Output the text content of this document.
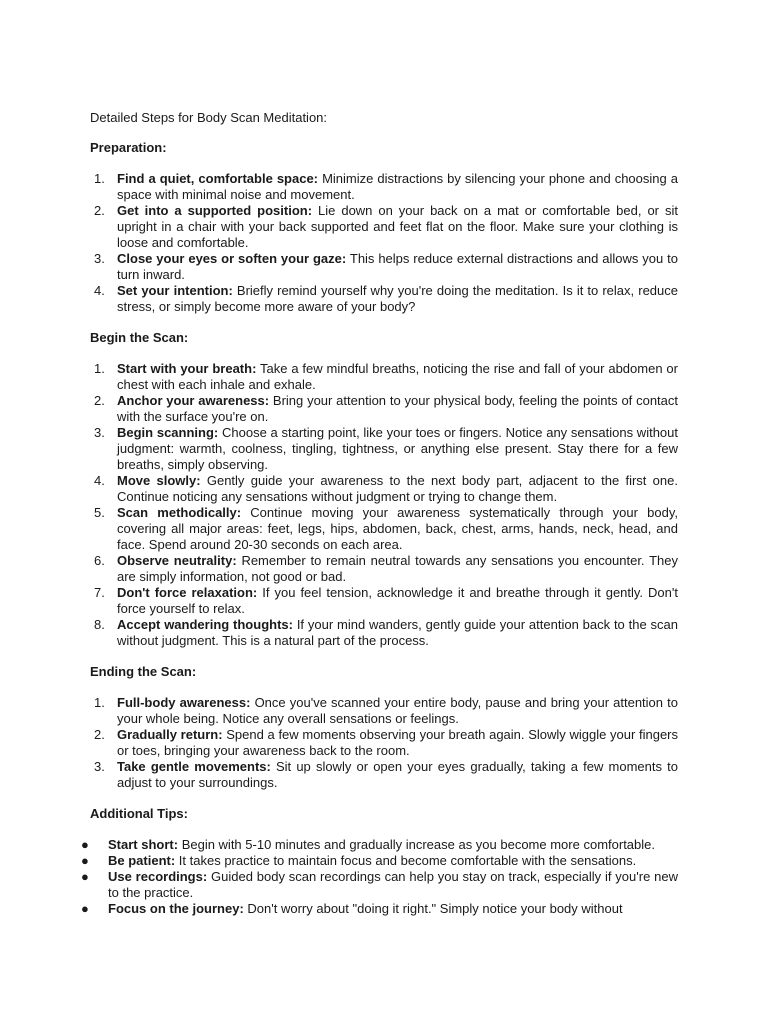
Detailed Steps for Body Scan Meditation:

Preparation:

1. Find a quiet, comfortable space: Minimize distractions by silencing your phone and choosing a space with minimal noise and movement.
2. Get into a supported position: Lie down on your back on a mat or comfortable bed, or sit upright in a chair with your back supported and feet flat on the floor. Make sure your clothing is loose and comfortable.
3. Close your eyes or soften your gaze: This helps reduce external distractions and allows you to turn inward.
4. Set your intention: Briefly remind yourself why you're doing the meditation. Is it to relax, reduce stress, or simply become more aware of your body?

Begin the Scan:

1. Start with your breath: Take a few mindful breaths, noticing the rise and fall of your abdomen or chest with each inhale and exhale.
2. Anchor your awareness: Bring your attention to your physical body, feeling the points of contact with the surface you're on.
3. Begin scanning: Choose a starting point, like your toes or fingers. Notice any sensations without judgment: warmth, coolness, tingling, tightness, or anything else present. Stay there for a few breaths, simply observing.
4. Move slowly: Gently guide your awareness to the next body part, adjacent to the first one. Continue noticing any sensations without judgment or trying to change them.
5. Scan methodically: Continue moving your awareness systematically through your body, covering all major areas: feet, legs, hips, abdomen, back, chest, arms, hands, neck, head, and face. Spend around 20-30 seconds on each area.
6. Observe neutrality: Remember to remain neutral towards any sensations you encounter. They are simply information, not good or bad.
7. Don't force relaxation: If you feel tension, acknowledge it and breathe through it gently. Don't force yourself to relax.
8. Accept wandering thoughts: If your mind wanders, gently guide your attention back to the scan without judgment. This is a natural part of the process.

Ending the Scan:

1. Full-body awareness: Once you've scanned your entire body, pause and bring your attention to your whole being. Notice any overall sensations or feelings.
2. Gradually return: Spend a few moments observing your breath again. Slowly wiggle your fingers or toes, bringing your awareness back to the room.
3. Take gentle movements: Sit up slowly or open your eyes gradually, taking a few moments to adjust to your surroundings.

Additional Tips:

● Start short: Begin with 5-10 minutes and gradually increase as you become more comfortable.
● Be patient: It takes practice to maintain focus and become comfortable with the sensations.
● Use recordings: Guided body scan recordings can help you stay on track, especially if you're new to the practice.
● Focus on the journey: Don't worry about "doing it right." Simply notice your body without
